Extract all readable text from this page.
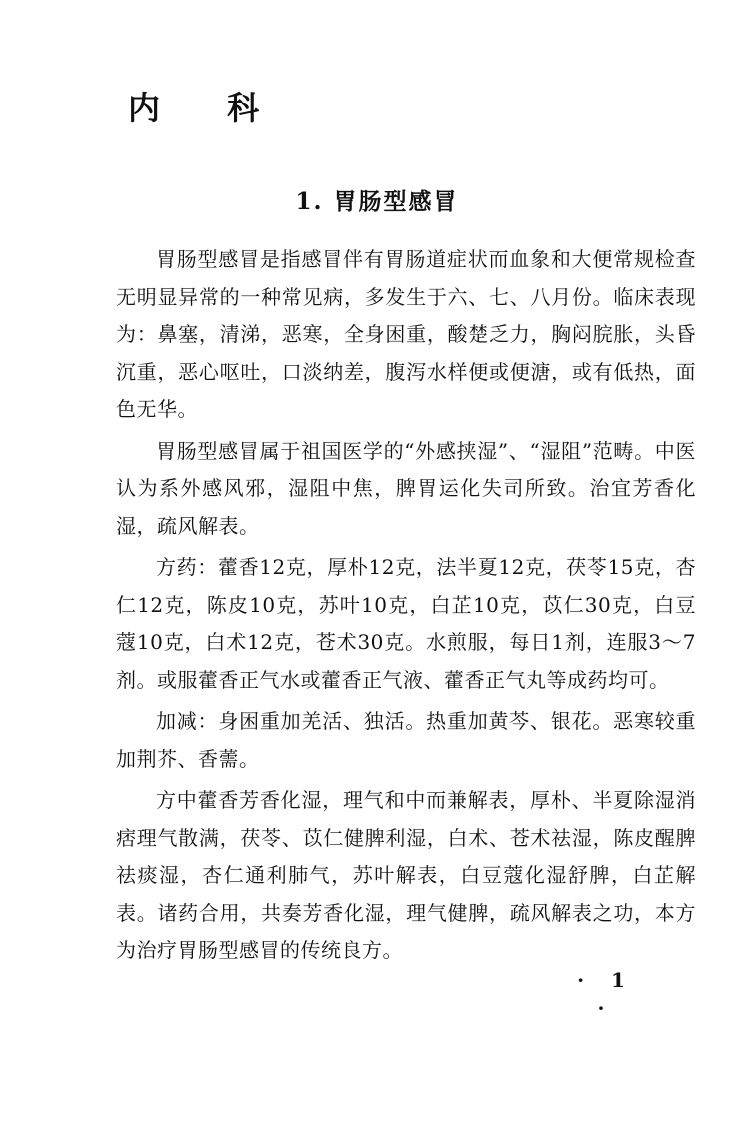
内 科
1. 胃肠型感冒

胃肠型感冒是指感冒伴有胃肠道症状而血象和大便常规检查无明显异常的一种常见病，多发生于六、七、八月份。临床表现为：鼻塞，清涕，恶寒，全身困重，酸楚乏力，胸闷脘胀，头昏沉重，恶心呕吐，口淡纳差，腹泻水样便或便溏，或有低热，面色无华。

胃肠型感冒属于祖国医学的“外感挟湿”、“湿阻”范畴。中医认为系外感风邪，湿阻中焦，脾胃运化失司所致。治宜芳香化湿，疏风解表。

方药：藿香12克，厚朴12克，法半夏12克，茯苓15克，杏仁12克，陈皮10克，苏叶10克，白芷10克，苡仁30克，白豆蔻10克，白术12克，苍术30克。水煎服，每日1剂，连服3～7剂。或服藿香正气水或藿香正气液、藿香正气丸等成药均可。

加减：身困重加羌活、独活。热重加黄芩、银花。恶寒较重加荆芥、香薷。

方中藿香芳香化湿，理气和中而兼解表，厚朴、半夏除湿消痞理气散满，茯苓、苡仁健脾利湿，白术、苍术祛湿，陈皮醒脾祛痰湿，杏仁通利肺气，苏叶解表，白豆蔻化湿舒脾，白芷解表。诸药合用，共奏芳香化湿，理气健脾，疏风解表之功，本方为治疗胃肠型感冒的传统良方。

· 1 ·
